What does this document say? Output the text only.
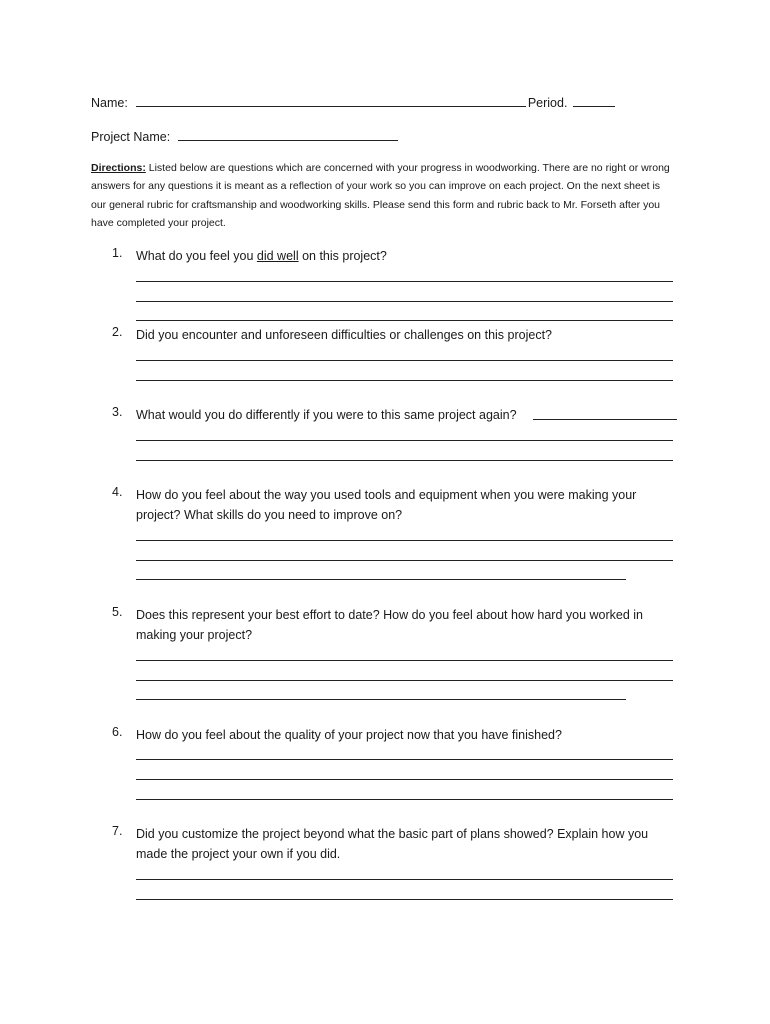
Name:	Period.
Project Name:
Directions: Listed below are questions which are concerned with your progress in woodworking. There are no right or wrong answers for any questions it is meant as a reflection of your work so you can improve on each project. On the next sheet is our general rubric for craftsmanship and woodworking skills. Please send this form and rubric back to Mr. Forseth after you have completed your project.
1. What do you feel you did well on this project?
2. Did you encounter and unforeseen difficulties or challenges on this project?
3. What would you do differently if you were to this same project again?
4. How do you feel about the way you used tools and equipment when you were making your project? What skills do you need to improve on?
5. Does this represent your best effort to date? How do you feel about how hard you worked in making your project?
6. How do you feel about the quality of your project now that you have finished?
7. Did you customize the project beyond what the basic part of plans showed? Explain how you made the project your own if you did.
